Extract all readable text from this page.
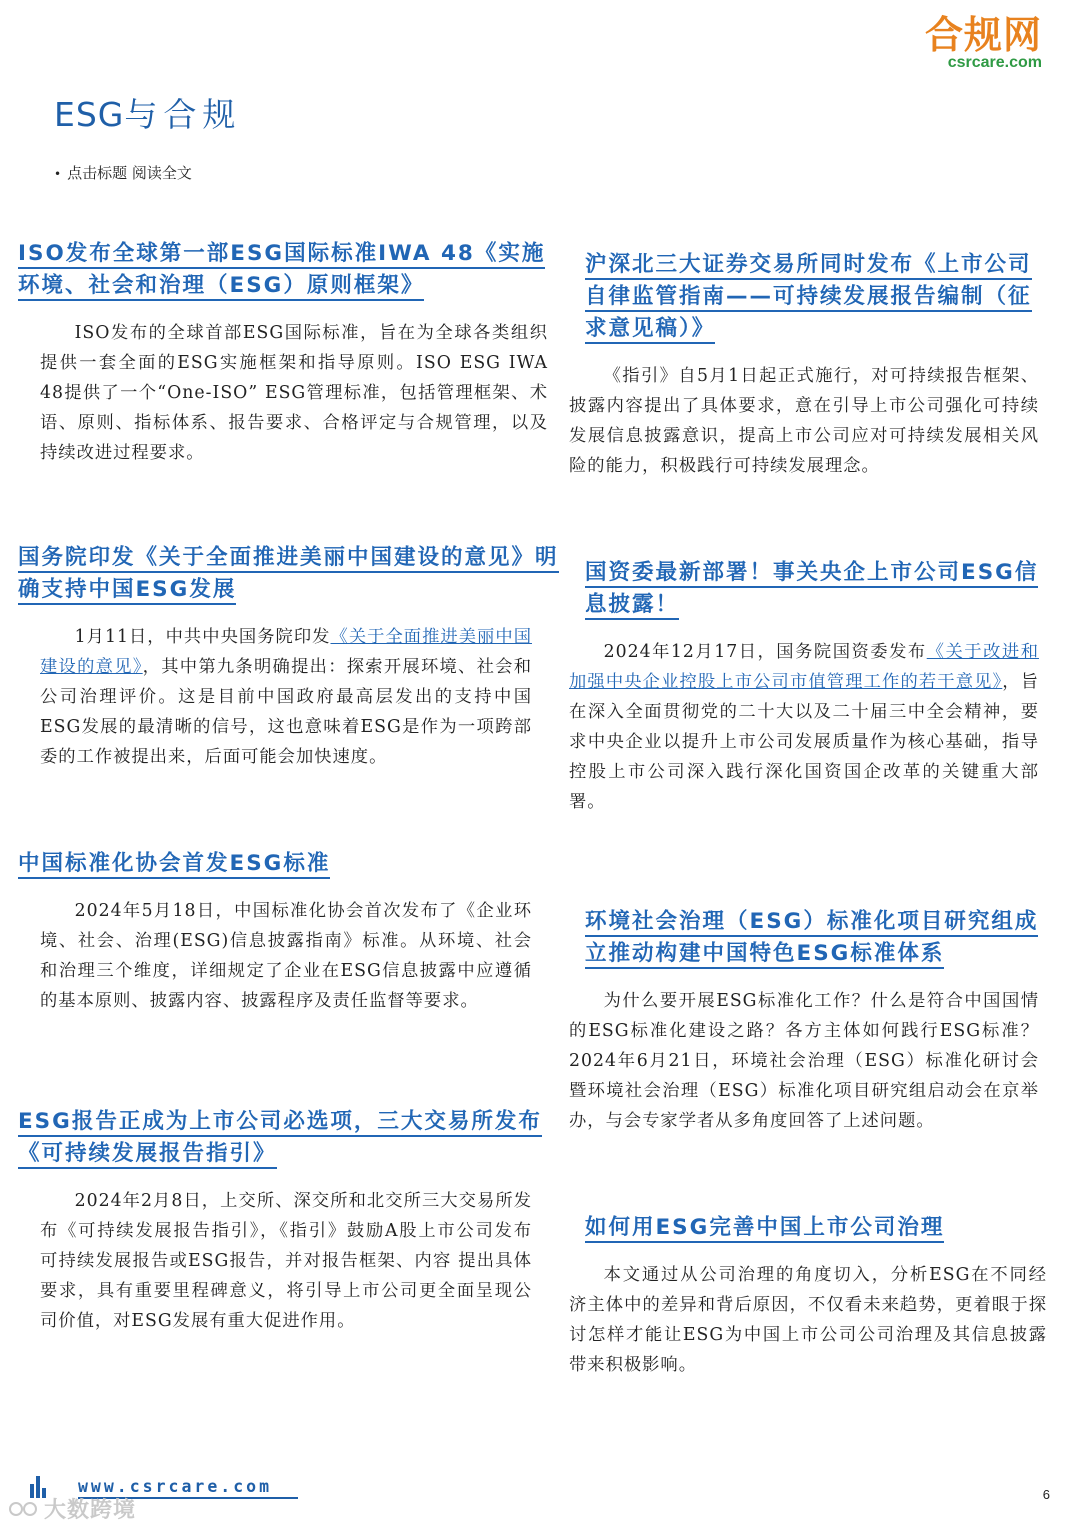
合规网
csrcare.com
ESG与合规
• 点击标题 阅读全文
ISO发布全球第一部ESG国际标准IWA 48《实施环境、社会和治理（ESG）原则框架》

ISO发布的全球首部ESG国际标准，旨在为全球各类组织提供一套全面的ESG实施框架和指导原则。ISO ESG IWA 48提供了一个“One-ISO” ESG管理标准，包括管理框架、术语、原则、指标体系、报告要求、合格评定与合规管理，以及持续改进过程要求。

国务院印发《关于全面推进美丽中国建设的意见》明确支持中国ESG发展

1月11日，中共中央国务院印发《关于全面推进美丽中国建设的意见》，其中第九条明确提出：探索开展环境、社会和公司治理评价。这是目前中国政府最高层发出的支持中国ESG发展的最清晰的信号，这也意味着ESG是作为一项跨部委的工作被提出来，后面可能会加快速度。

中国标准化协会首发ESG标准

2024年5月18日，中国标准化协会首次发布了《企业环境、社会、治理(ESG)信息披露指南》标准。从环境、社会和治理三个维度，详细规定了企业在ESG信息披露中应遵循的基本原则、披露内容、披露程序及责任监督等要求。

ESG报告正成为上市公司必选项，三大交易所发布《可持续发展报告指引》

2024年2月8日，上交所、深交所和北交所三大交易所发布《可持续发展报告指引》，《指引》鼓励A股上市公司发布 可持续发展报告或ESG报告，并对报告框架、内容 提出具体要求，具有重要里程碑意义，将引导上市公司更全面呈现公司价值，对ESG发展有重大促进作用。

沪深北三大证券交易所同时发布《上市公司自律监管指南——可持续发展报告编制（征求意见稿）》

《指引》自5月1日起正式施行，对可持续报告框架、披露内容提出了具体要求，意在引导上市公司强化可持续发展信息披露意识，提高上市公司应对可持续发展相关风险的能力，积极践行可持续发展理念。

国资委最新部署！事关央企上市公司ESG信息披露！

2024年12月17日，国务院国资委发布《关于改进和加强中央企业控股上市公司市值管理工作的若干意见》，旨在深入全面贯彻党的二十大以及二十届三中全会精神，要求中央企业以提升上市公司发展质量作为核心基础，指导控股上市公司深入践行深化国资国企改革的关键重大部署。

环境社会治理（ESG）标准化项目研究组成立推动构建中国特色ESG标准体系

为什么要开展ESG标准化工作？什么是符合中国国情的ESG标准化建设之路？各方主体如何践行ESG标准？2024年6月21日，环境社会治理（ESG）标准化研讨会暨环境社会治理（ESG）标准化项目研究组启动会在京举办，与会专家学者从多角度回答了上述问题。

如何用ESG完善中国上市公司治理

本文通过从公司治理的角度切入，分析ESG在不同经济主体中的差异和背后原因，不仅看未来趋势，更着眼于探讨怎样才能让ESG为中国上市公司公司治理及其信息披露带来积极影响。

www.csrcare.com	6
大数跨境
